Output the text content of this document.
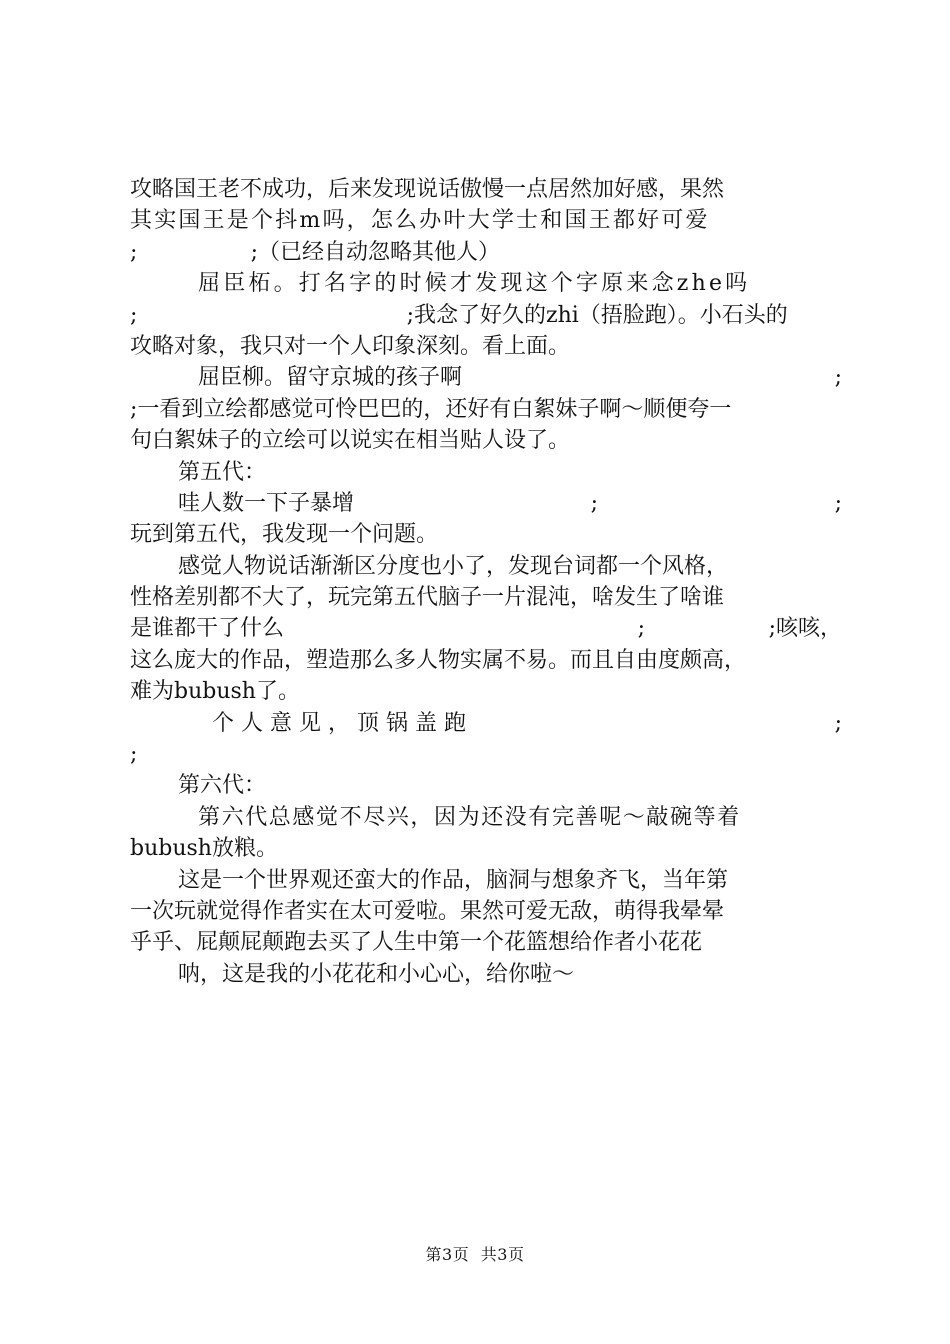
攻略国王老不成功，后来发现说话傲慢一点居然加好感，果然
其实国王是个抖m吗，怎么办叶大学士和国王都好可爱
;	;（已经自动忽略其他人）
屈臣柘。打名字的时候才发现这个字原来念zhe吗
;	;我念了好久的zhi（捂脸跑）。小石头的
攻略对象，我只对一个人印象深刻。看上面。
屈臣柳。留守京城的孩子啊	;
;一看到立绘都感觉可怜巴巴的，还好有白絮妹子啊～顺便夸一
句白絮妹子的立绘可以说实在相当贴人设了。
第五代：
哇人数一下子暴增	;	;
玩到第五代，我发现一个问题。
感觉人物说话渐渐区分度也小了，发现台词都一个风格，
性格差别都不大了，玩完第五代脑子一片混沌，啥发生了啥谁
是谁都干了什么	;	;咳咳，
这么庞大的作品，塑造那么多人物实属不易。而且自由度颇高，
难为bubush了。
个 人 意 见 ， 顶 锅 盖 跑	;
;
第六代：
第六代总感觉不尽兴，因为还没有完善呢～敲碗等着
bubush放粮。
这是一个世界观还蛮大的作品，脑洞与想象齐飞，当年第
一次玩就觉得作者实在太可爱啦。果然可爱无敌，萌得我晕晕
乎乎、屁颠屁颠跑去买了人生中第一个花篮想给作者小花花
呐，这是我的小花花和小心心，给你啦～
第3页 共3页
